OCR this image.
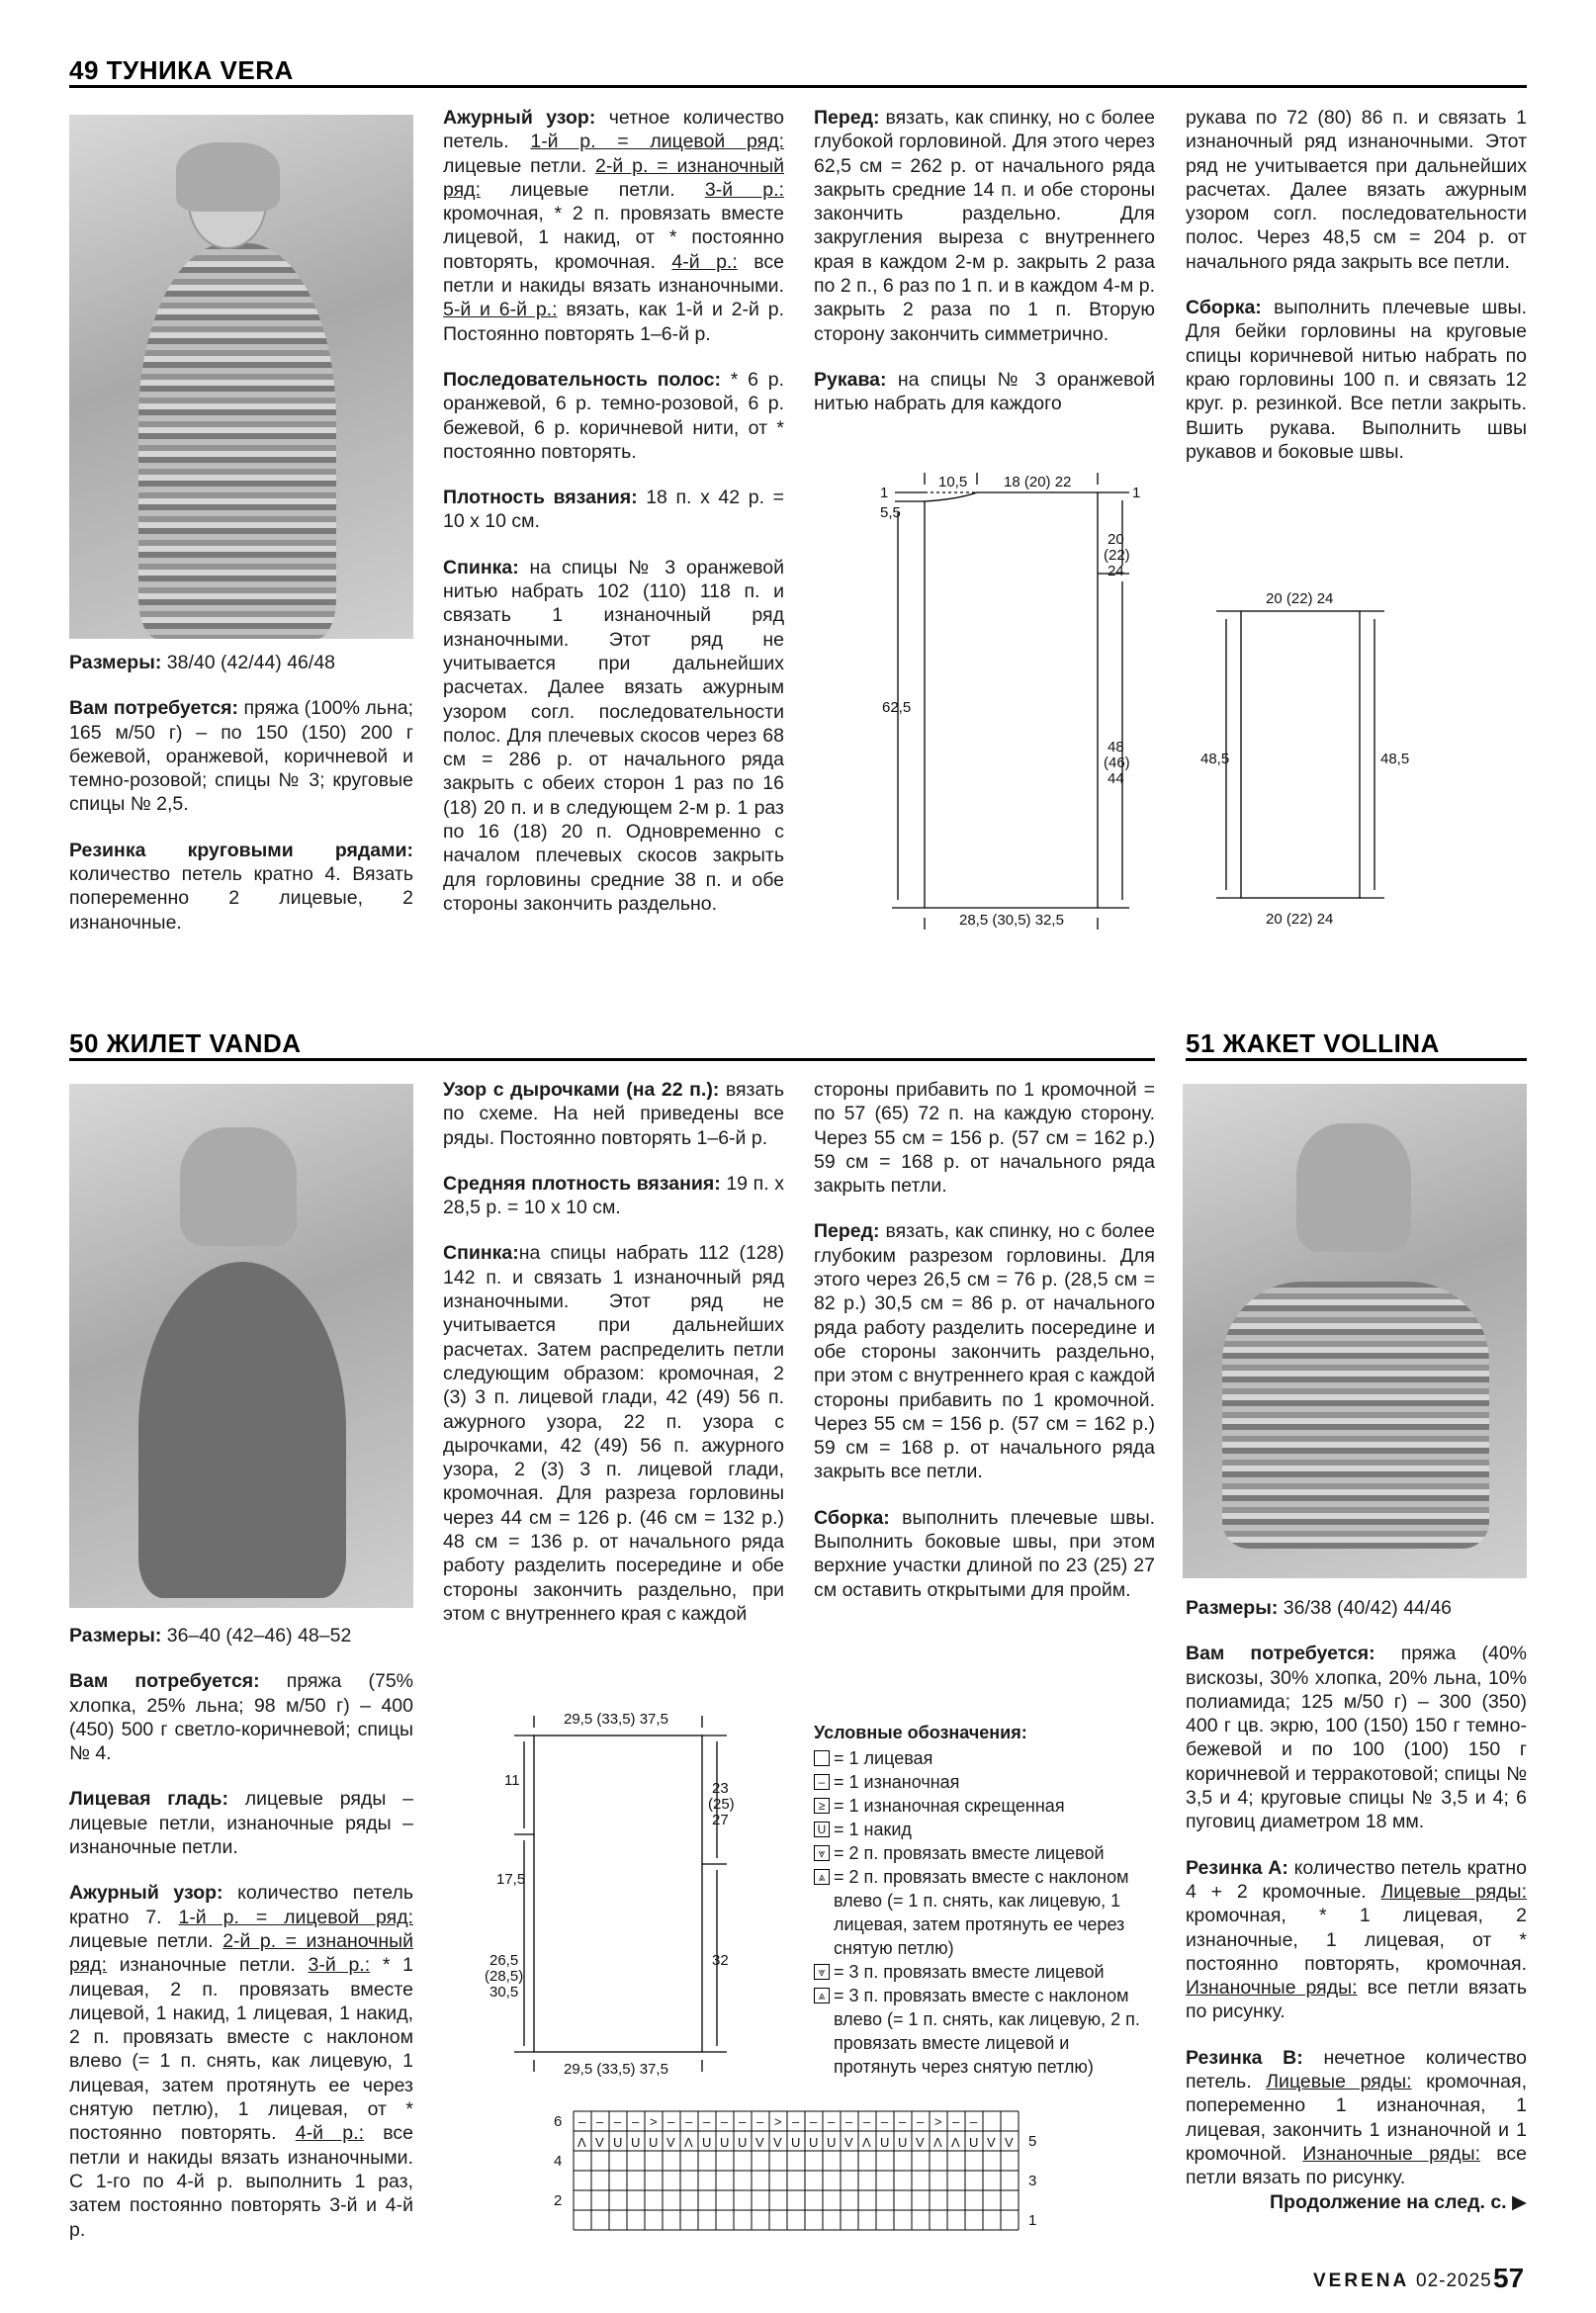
49 ТУНИКА VERA

Размеры: 38/40 (42/44) 46/48

Вам потребуется: пряжа (100% льна; 165 м/50 г) – по 150 (150) 200 г бежевой, оранжевой, коричневой и темно-розовой; спицы № 3; круговые спицы № 2,5.

Резинка круговыми рядами: количество петель кратно 4. Вязать попеременно 2 лицевые, 2 изнаночные.

Ажурный узор: четное количество петель. 1-й р. = лицевой ряд: лицевые петли. 2-й р. = изнаночный ряд: лицевые петли. 3-й р.: кромочная, * 2 п. провязать вместе лицевой, 1 накид, от * постоянно повторять, кромочная. 4-й р.: все петли и накиды вязать изнаночными. 5-й и 6-й р.: вязать, как 1-й и 2-й р. Постоянно повторять 1–6-й р.

Последовательность полос: * 6 р. оранжевой, 6 р. темно-розовой, 6 р. бежевой, 6 р. коричневой нити, от * постоянно повторять.

Плотность вязания: 18 п. х 42 р. = 10 х 10 см.

Спинка: на спицы № 3 оранжевой нитью набрать 102 (110) 118 п. и связать 1 изнаночный ряд изнаночными. Этот ряд не учитывается при дальнейших расчетах. Далее вязать ажурным узором согл. последовательности полос. Для плечевых скосов через 68 см = 286 р. от начального ряда закрыть с обеих сторон 1 раз по 16 (18) 20 п. и в следующем 2-м р. 1 раз по 16 (18) 20 п. Одновременно с началом плечевых скосов закрыть для горловины средние 38 п. и обе стороны закончить раздельно.

Перед: вязать, как спинку, но с более глубокой горловиной. Для этого через 62,5 см = 262 р. от начального ряда закрыть средние 14 п. и обе стороны закончить раздельно. Для закругления выреза с внутреннего края в каждом 2-м р. закрыть 2 раза по 2 п., 6 раз по 1 п. и в каждом 4-м р. закрыть 2 раза по 1 п. Вторую сторону закончить симметрично.

Рукава: на спицы № 3 оранжевой нитью набрать для каждого

рукава по 72 (80) 86 п. и связать 1 изнаночный ряд изнаночными. Этот ряд не учитывается при дальнейших расчетах. Далее вязать ажурным узором согл. последовательности полос. Через 48,5 см = 204 р. от начального ряда закрыть все петли.

Сборка: выполнить плечевые швы. Для бейки горловины на круговые спицы коричневой нитью набрать по краю горловины 100 п. и связать 12 круг. р. резинкой. Все петли закрыть. Вшить рукава. Выполнить швы рукавов и боковые швы.

10,5 18 (20) 22
1	1
5,5
20
(22)
24
62,5
48
(46)
44
28,5 (30,5) 32,5
20 (22) 24
20 (22) 24
48,5	48,5
50 ЖИЛЕТ VANDA

Размеры: 36–40 (42–46) 48–52

Вам потребуется: пряжа (75% хлопка, 25% льна; 98 м/50 г) – 400 (450) 500 г светло-коричневой; спицы № 4.

Лицевая гладь: лицевые ряды – лицевые петли, изнаночные ряды – изнаночные петли.

Ажурный узор: количество петель кратно 7. 1-й р. = лицевой ряд: лицевые петли. 2-й р. = изнаночный ряд: изнаночные петли. 3-й р.: * 1 лицевая, 2 п. провязать вместе лицевой, 1 накид, 1 лицевая, 1 накид, 2 п. провязать вместе с наклоном влево (= 1 п. снять, как лицевую, 1 лицевая, затем протянуть ее через снятую петлю), 1 лицевая, от * постоянно повторять. 4-й р.: все петли и накиды вязать изнаночными. С 1-го по 4-й р. выполнить 1 раз, затем постоянно повторять 3-й и 4-й р.

Узор с дырочками (на 22 п.): вязать по схеме. На ней приведены все ряды. Постоянно повторять 1–6-й р.

Средняя плотность вязания: 19 п. х 28,5 р. = 10 х 10 см.

Спинка:на спицы набрать 112 (128) 142 п. и связать 1 изнаночный ряд изнаночными. Этот ряд не учитывается при дальнейших расчетах. Затем распределить петли следующим образом: кромочная, 2 (3) 3 п. лицевой глади, 42 (49) 56 п. ажурного узора, 22 п. узора с дырочками, 42 (49) 56 п. ажурного узора, 2 (3) 3 п. лицевой глади, кромочная. Для разреза горловины через 44 см = 126 р. (46 см = 132 р.) 48 см = 136 р. от начального ряда работу разделить посередине и обе стороны закончить раздельно, при этом с внутреннего края с каждой

стороны прибавить по 1 кромочной = по 57 (65) 72 п. на каждую сторону. Через 55 см = 156 р. (57 см = 162 р.) 59 см = 168 р. от начального ряда закрыть петли.

Перед: вязать, как спинку, но с более глубоким разрезом горловины. Для этого через 26,5 см = 76 р. (28,5 см = 82 р.) 30,5 см = 86 р. от начального ряда работу разделить посередине и обе стороны закончить раздельно, при этом с внутреннего края с каждой стороны прибавить по 1 кромочной. Через 55 см = 156 р. (57 см = 162 р.) 59 см = 168 р. от начального ряда закрыть все петли.

Сборка: выполнить плечевые швы. Выполнить боковые швы, при этом верхние участки длиной по 23 (25) 27 см оставить открытыми для пройм.

29,5 (33,5) 37,5
29,5 (33,5) 37,5
11
17,5
26,5
(28,5)
30,5
23
(25)
27
32
Условные обозначения:
= 1 лицевая
– = 1 изнаночная
≥ = 1 изнаночная скрещенная
U = 1 накид
⩔ = 2 п. провязать вместе лицевой
⩓ = 2 п. провязать вместе с наклоном влево (= 1 п. снять, как лицевую, 1 лицевая, затем протянуть ее через снятую петлю)
⩔ = 3 п. провязать вместе лицевой
⩓ = 3 п. провязать вместе с наклоном влево (= 1 п. снять, как лицевую, 2 п. провязать вместе лицевой и протянуть через снятую петлю)
6
4
2
5
3
1
Λ V U U U V Λ U U U V V U U U V Λ U U V Λ Λ U V V
– – – – > – – – – – – > – – – – – – – – > – –
51 ЖАКЕТ VOLLINA

Размеры: 36/38 (40/42) 44/46

Вам потребуется: пряжа (40% вискозы, 30% хлопка, 20% льна, 10% полиамида; 125 м/50 г) – 300 (350) 400 г цв. экрю, 100 (150) 150 г темно-бежевой и по 100 (100) 150 г коричневой и терракотовой; спицы № 3,5 и 4; круговые спицы № 3,5 и 4; 6 пуговиц диаметром 18 мм.

Резинка А: количество петель кратно 4 + 2 кромочные. Лицевые ряды: кромочная, * 1 лицевая, 2 изнаночные, 1 лицевая, от * постоянно повторять, кромочная. Изнаночные ряды: все петли вязать по рисунку.

Резинка В: нечетное количество петель. Лицевые ряды: кромочная, попеременно 1 изнаночная, 1 лицевая, закончить 1 изнаночной и 1 кромочной. Изнаночные ряды: все петли вязать по рисунку.

Продолжение на след. с. ▶
VERENA 02-2025 57
